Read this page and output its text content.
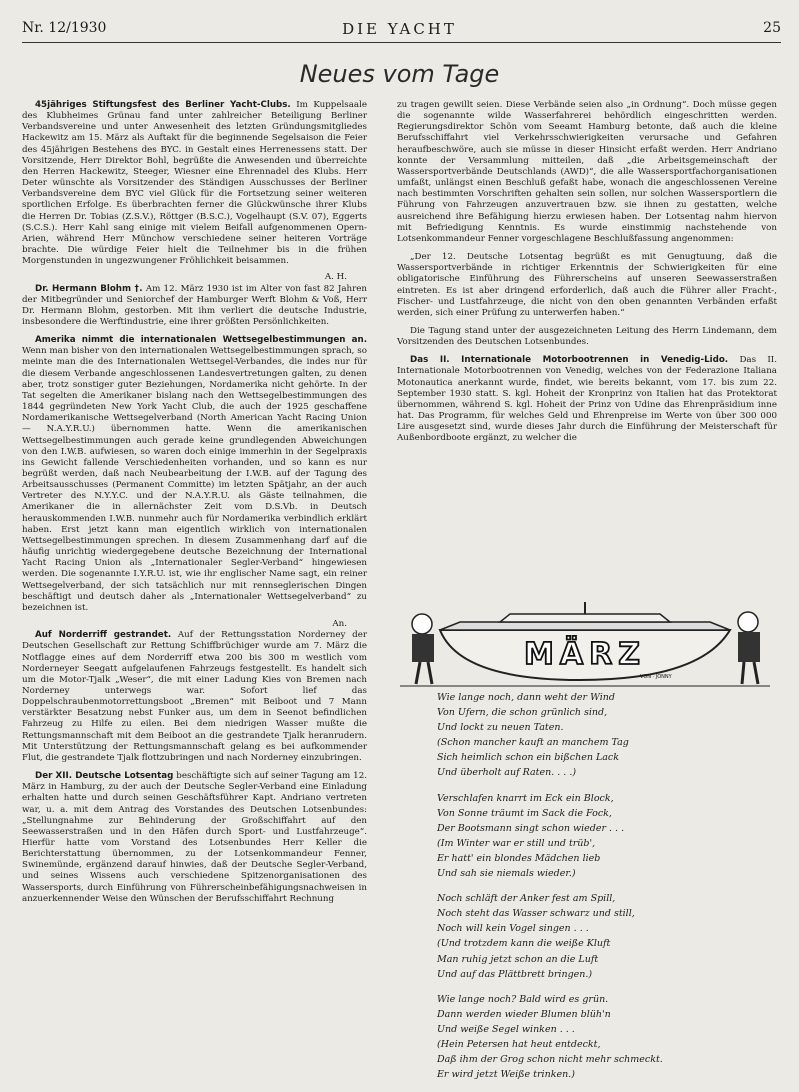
Nr. 12/1930	DIE YACHT	25
Neues vom Tage

45jähriges Stiftungsfest des Berliner Yacht-Clubs. Im Kuppelsaale des Klubheimes Grünau fand unter zahlreicher Beteiligung Berliner Verbandsvereine und unter Anwesenheit des letzten Gründungsmitgliedes Hackewitz am 15. März als Auftakt für die beginnende Segelsaison die Feier des 45jährigen Bestehens des BYC. in Gestalt eines Herrenessens statt. Der Vorsitzende, Herr Direktor Bohl, begrüßte die Anwesenden und überreichte den Herren Hackewitz, Steeger, Wiesner eine Ehrennadel des Klubs. Herr Deter wünschte als Vorsitzender des Ständigen Ausschusses der Berliner Verbandsvereine dem BYC viel Glück für die Fortsetzung seiner weiteren sportlichen Erfolge. Es überbrachten ferner die Glückwünsche ihrer Klubs die Herren Dr. Tobias (Z.S.V.), Röttger (B.S.C.), Vogelhaupt (S.V. 07), Eggerts (S.C.S.). Herr Kahl sang einige mit vielem Beifall aufgenommenen Opern-Arien, während Herr Münchow verschiedene seiner heiteren Vorträge brachte. Die würdige Feier hielt die Teilnehmer bis in die frühen Morgenstunden in ungezwungener Fröhlichkeit beisammen.

A. H.

Dr. Hermann Blohm †. Am 12. März 1930 ist im Alter von fast 82 Jahren der Mitbegründer und Seniorchef der Hamburger Werft Blohm & Voß, Herr Dr. Hermann Blohm, gestorben. Mit ihm verliert die deutsche Industrie, insbesondere die Werftindustrie, eine ihrer größten Persönlichkeiten.

Amerika nimmt die internationalen Wettsegelbestimmungen an. Wenn man bisher von den internationalen Wettsegelbestimmungen sprach, so meinte man die des Internationalen Wettsegel-Verbandes, die indes nur für die diesem Verbande angeschlossenen Landesvertretungen galten, zu denen aber, trotz sonstiger guter Beziehungen, Nordamerika nicht gehörte. In der Tat segelten die Amerikaner bislang nach den Wettsegelbestimmungen des 1844 gegründeten New York Yacht Club, die auch der 1925 geschaffene Nordamerikanische Wettsegelverband (North American Yacht Racing Union — N.A.Y.R.U.) übernommen hatte. Wenn die amerikanischen Wettsegelbestimmungen auch gerade keine grundlegenden Abweichungen von den I.W.B. aufwiesen, so waren doch einige immerhin in der Segelpraxis ins Gewicht fallende Verschiedenheiten vorhanden, und so kann es nur begrüßt werden, daß nach Neubearbeitung der I.W.B. auf der Tagung des Arbeitsausschusses (Permanent Committe) im letzten Spätjahr, an der auch Vertreter des N.Y.Y.C. und der N.A.Y.R.U. als Gäste teilnahmen, die Amerikaner die in allernächster Zeit vom D.S.Vb. in Deutsch herauskommenden I.W.B. nunmehr auch für Nordamerika verbindlich erklärt haben. Erst jetzt kann man eigentlich wirklich von internationalen Wettsegelbestimmungen sprechen. In diesem Zusammenhang darf auf die häufig unrichtig wiedergegebene deutsche Bezeichnung der International Yacht Racing Union als „Internationaler Segler-Verband“ hingewiesen werden. Die sogenannte I.Y.R.U. ist, wie ihr englischer Name sagt, ein reiner Wettsegelverband, der sich tatsächlich nur mit rennseglerischen Dingen beschäftigt und deutsch daher als „Internationaler Wettsegelverband“ zu bezeichnen ist.

An.

Auf Norderriff gestrandet. Auf der Rettungsstation Norderney der Deutschen Gesellschaft zur Rettung Schiffbrüchiger wurde am 7. März die Notflagge eines auf dem Norderriff etwa 200 bis 300 m westlich vom Norderneyer Seegatt aufgelaufenen Fahrzeugs festgestellt. Es handelt sich um die Motor-Tjalk „Weser“, die mit einer Ladung Kies von Bremen nach Norderney unterwegs war. Sofort lief das Doppelschraubenmotorrettungsboot „Bremen“ mit Beiboot und 7 Mann verstärkter Besatzung nebst Funker aus, um dem in Seenot befindlichen Fahrzeug zu Hilfe zu eilen. Bei dem niedrigen Wasser mußte die Rettungsmannschaft mit dem Beiboot an die gestrandete Tjalk heranrudern. Mit Unterstützung der Rettungsmannschaft gelang es bei aufkommender Flut, die gestrandete Tjalk flottzubringen und nach Norderney einzubringen.

Der XII. Deutsche Lotsentag beschäftigte sich auf seiner Tagung am 12. März in Hamburg, zu der auch der Deutsche Segler-Verband eine Einladung erhalten hatte und durch seinen Geschäftsführer Kapt. Andriano vertreten war, u. a. mit dem Antrag des Vorstandes des Deutschen Lotsenbundes: „Stellungnahme zur Behinderung der Großschiffahrt auf den Seewasserstraßen und in den Häfen durch Sport- und Lustfahrzeuge“. Hierfür hatte vom Vorstand des Lotsenbundes Herr Keller die Berichterstattung übernommen, zu der Lotsenkommandeur Fenner, Swinemünde, ergänzend darauf hinwies, daß der Deutsche Segler-Verband, und seines Wissens auch verschiedene Spitzenorganisationen des Wassersports, durch Einführung von Führerscheinbefähigungsnachweisen in anzuerkennender Weise den Wünschen der Berufsschiffahrt Rechnung

zu tragen gewillt seien. Diese Verbände seien also „in Ordnung“. Doch müsse gegen die sogenannte wilde Wasserfahrerei behördlich eingeschritten werden. Regierungsdirektor Schön vom Seeamt Hamburg betonte, daß auch die kleine Berufsschiffahrt viel Verkehrsschwierigkeiten verursache und Gefahren heraufbeschwöre, auch sie müsse in dieser Hinsicht erfaßt werden. Herr Andriano konnte der Versammlung mitteilen, daß „die Arbeitsgemeinschaft der Wassersportverbände Deutschlands (AWD)“, die alle Wassersportfachorganisationen umfaßt, unlängst einen Beschluß gefaßt habe, wonach die angeschlossenen Vereine nach bestimmten Vorschriften gehalten sein sollen, nur solchen Wassersportlern die Führung von Fahrzeugen anzuvertrauen bzw. sie ihnen zu gestatten, welche ausreichend ihre Befähigung hierzu erwiesen haben. Der Lotsentag nahm hiervon mit Befriedigung Kenntnis. Es wurde einstimmig nachstehende von Lotsenkommandeur Fenner vorgeschlagene Beschlußfassung angenommen:

„Der 12. Deutsche Lotsentag begrüßt es mit Genugtuung, daß die Wassersportverbände in richtiger Erkenntnis der Schwierigkeiten für eine obligatorische Einführung des Führerscheins auf unseren Seewasserstraßen eintreten. Es ist aber dringend erforderlich, daß auch die Führer aller Fracht-, Fischer- und Lustfahrzeuge, die nicht von den oben genannten Verbänden erfaßt werden, sich einer Prüfung zu unterwerfen haben.“

Die Tagung stand unter der ausgezeichneten Leitung des Herrn Lindemann, dem Vorsitzenden des Deutschen Lotsenbundes.

Das II. Internationale Motorbootrennen in Venedig-Lido. Das II. Internationale Motorbootrennen von Venedig, welches von der Federazione Italiana Motonautica anerkannt wurde, findet, wie bereits bekannt, vom 17. bis zum 22. September 1930 statt. S. kgl. Hoheit der Kronprinz von Italien hat das Protektorat übernommen, während S. kgl. Hoheit der Prinz von Udine das Ehrenpräsidium inne hat. Das Programm, für welches Geld und Ehrenpreise im Werte von über 300 000 Lire ausgesetzt sind, wurde dieses Jahr durch die Einführung der Meisterschaft für Außenbordboote ergänzt, zu welcher die

MÄRZ
VON · JONNY
Wie lange noch, dann weht der Wind
Von Ufern, die schon grünlich sind,
Und lockt zu neuen Taten.
(Schon mancher kauft an manchem Tag
Sich heimlich schon ein bißchen Lack
Und überholt auf Raten. . . .)
Verschlafen knarrt im Eck ein Block,
Von Sonne träumt im Sack die Fock,
Der Bootsmann singt schon wieder . . .
(Im Winter war er still und trüb',
Er hatt' ein blondes Mädchen lieb
Und sah sie niemals wieder.)
Noch schläft der Anker fest am Spill,
Noch steht das Wasser schwarz und still,
Noch will kein Vogel singen . . .
(Und trotzdem kann die weiße Kluft
Man ruhig jetzt schon an die Luft
Und auf das Plättbrett bringen.)
Wie lange noch? Bald wird es grün.
Dann werden wieder Blumen blüh'n
Und weiße Segel winken . . .
(Hein Petersen hat heut entdeckt,
Daß ihm der Grog schon nicht mehr schmeckt.
Er wird jetzt Weiße trinken.)
